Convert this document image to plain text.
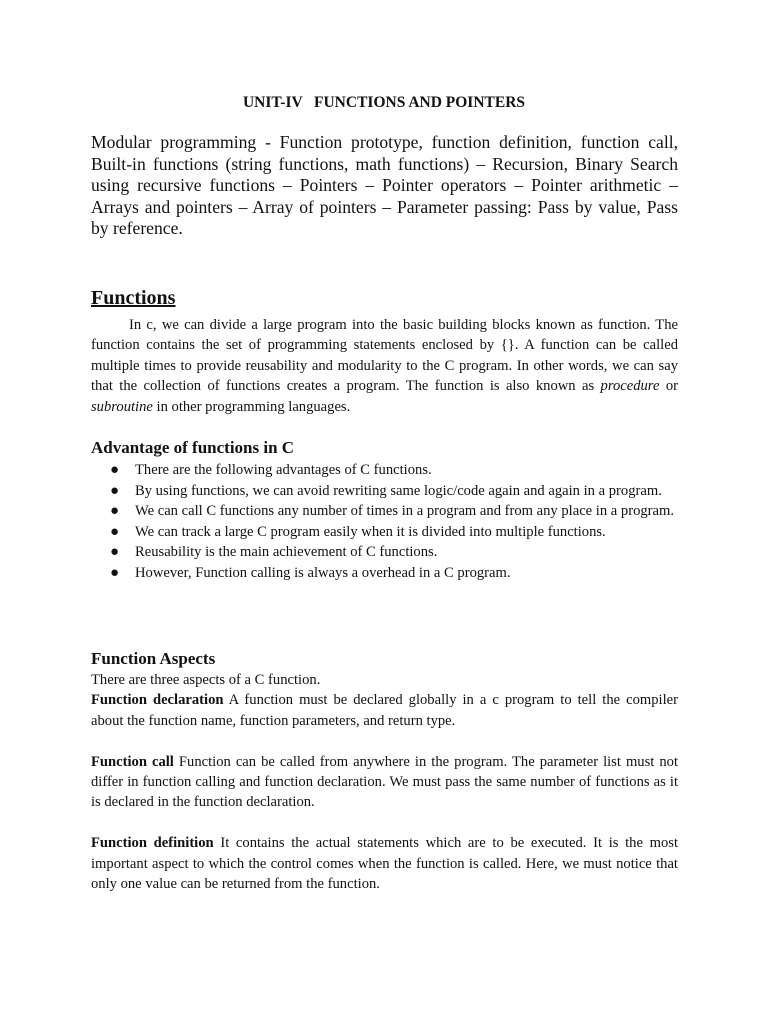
UNIT-IV   FUNCTIONS AND POINTERS
Modular programming - Function prototype, function definition, function call, Built-in functions (string functions, math functions) – Recursion, Binary Search using recursive functions – Pointers – Pointer operators – Pointer arithmetic – Arrays and pointers – Array of pointers – Parameter passing: Pass by value, Pass by reference.
Functions
In c, we can divide a large program into the basic building blocks known as function. The function contains the set of programming statements enclosed by {}. A function can be called multiple times to provide reusability and modularity to the C program. In other words, we can say that the collection of functions creates a program. The function is also known as procedure or subroutine in other programming languages.
Advantage of functions in C
● There are the following advantages of C functions.
● By using functions, we can avoid rewriting same logic/code again and again in a program.
● We can call C functions any number of times in a program and from any place in a program.
● We can track a large C program easily when it is divided into multiple functions.
● Reusability is the main achievement of C functions.
● However, Function calling is always a overhead in a C program.
Function Aspects
There are three aspects of a C function.
Function declaration A function must be declared globally in a c program to tell the compiler about the function name, function parameters, and return type.
Function call Function can be called from anywhere in the program. The parameter list must not differ in function calling and function declaration. We must pass the same number of functions as it is declared in the function declaration.
Function definition It contains the actual statements which are to be executed. It is the most important aspect to which the control comes when the function is called. Here, we must notice that only one value can be returned from the function.
